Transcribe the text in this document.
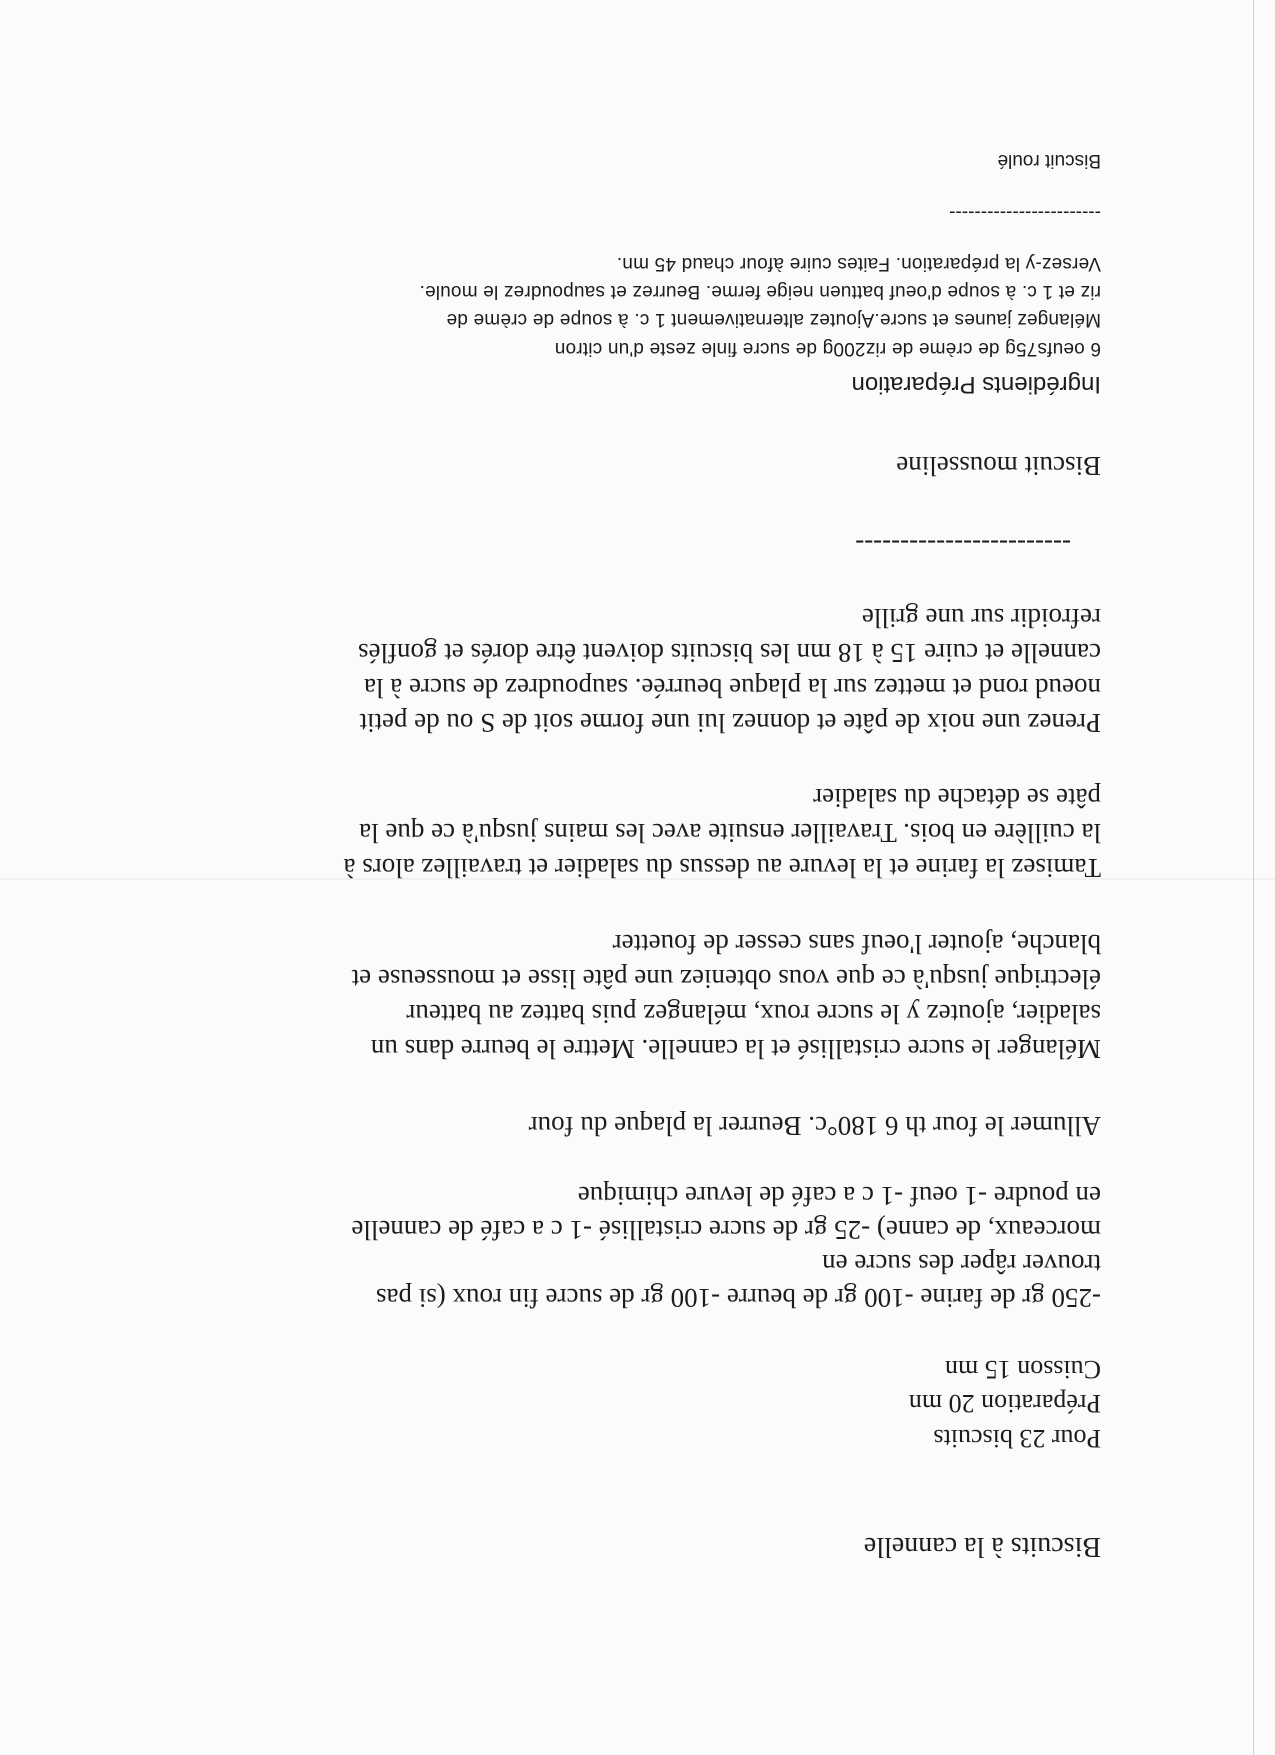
Biscuits à la cannelle
Pour 23 biscuits
Préparation 20 mn
Cuisson 15 mn
-250 gr de farine -100 gr de beurre -100 gr de sucre fin roux (si pas
trouver râper des sucre en
morceaux, de canne) -25 gr de sucre cristallisé -1 c a café de cannelle
en poudre -1 oeuf -1 c a café de levure chimique
Allumer le four th 6 180°c. Beurrer la plaque du four
Mélanger le sucre cristallisé et la cannelle. Mettre le beurre dans un
saladier, ajoutez y le sucre roux, mélangez puis battez au batteur
électrique jusqu'à ce que vous obteniez une pâte lisse et mousseuse et
blanche, ajouter l'oeuf sans cesser de fouetter
Tamisez la farine et la levure au dessus du saladier et travaillez alors à
la cuillère en bois. Travailler ensuite avec les mains jusqu'à ce que la
pâte se détache du saladier
Prenez une noix de pâte et donnez lui une forme soit de S ou de petit
noeud rond et mettez sur la plaque beurrée. saupoudrez de sucre à la
cannelle et cuire 15 à 18 mn les biscuits doivent être dorés et gonflés
refroidir sur une grille
------------------------
Biscuit mousseline
Ingrédients Préparation
6 oeufs75g de crème de riz200g de sucre finle zeste d'un citron
Mélangez jaunes et sucre.Ajoutez alternativement 1 c. à soupe de crème de
riz et 1 c. à soupe d'oeuf battuen neige ferme. Beurrez et saupoudrez le moule.
Versez-y la préparation. Faites cuire àfour chaud 45 mn.
------------------------
Biscuit roulé
